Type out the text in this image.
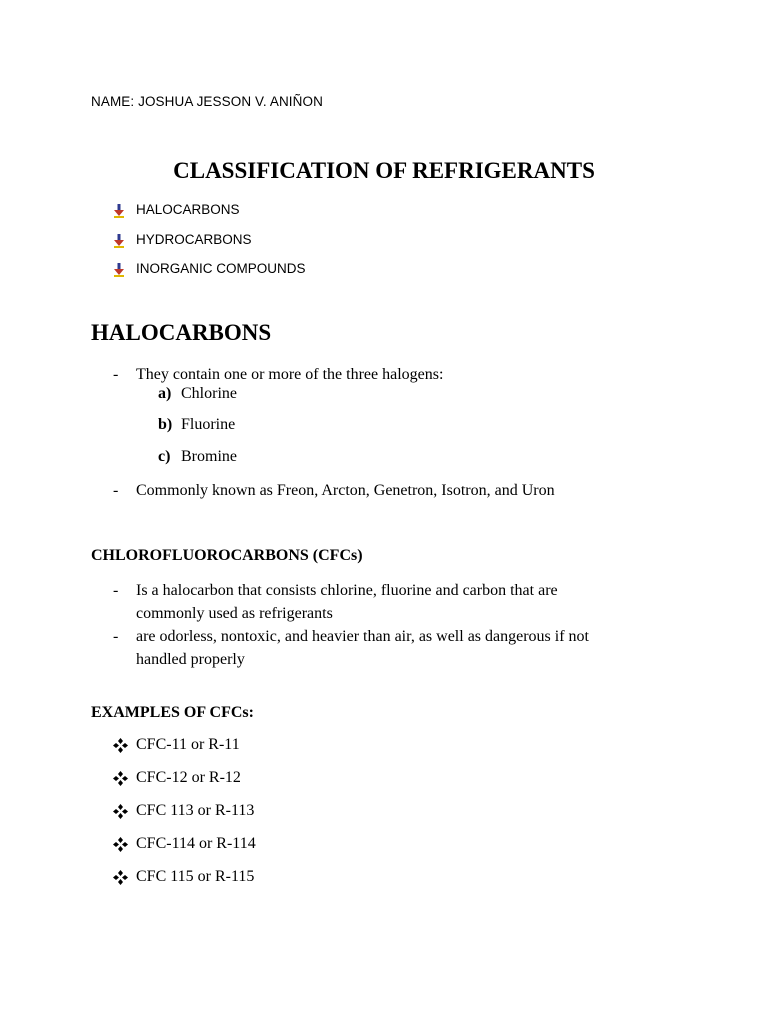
NAME: JOSHUA JESSON V. ANIÑON
CLASSIFICATION OF REFRIGERANTS
HALOCARBONS
HYDROCARBONS
INORGANIC COMPOUNDS
HALOCARBONS
- They contain one or more of the three halogens:
a) Chlorine
b) Fluorine
c) Bromine
- Commonly known as Freon, Arcton, Genetron, Isotron, and Uron
CHLOROFLUOROCARBONS (CFCs)
- Is a halocarbon that consists chlorine, fluorine and carbon that are
commonly used as refrigerants
- are odorless, nontoxic, and heavier than air, as well as dangerous if not
handled properly
EXAMPLES OF CFCs:
CFC-11 or R-11
CFC-12 or R-12
CFC 113 or R-113
CFC-114 or R-114
CFC 115 or R-115
